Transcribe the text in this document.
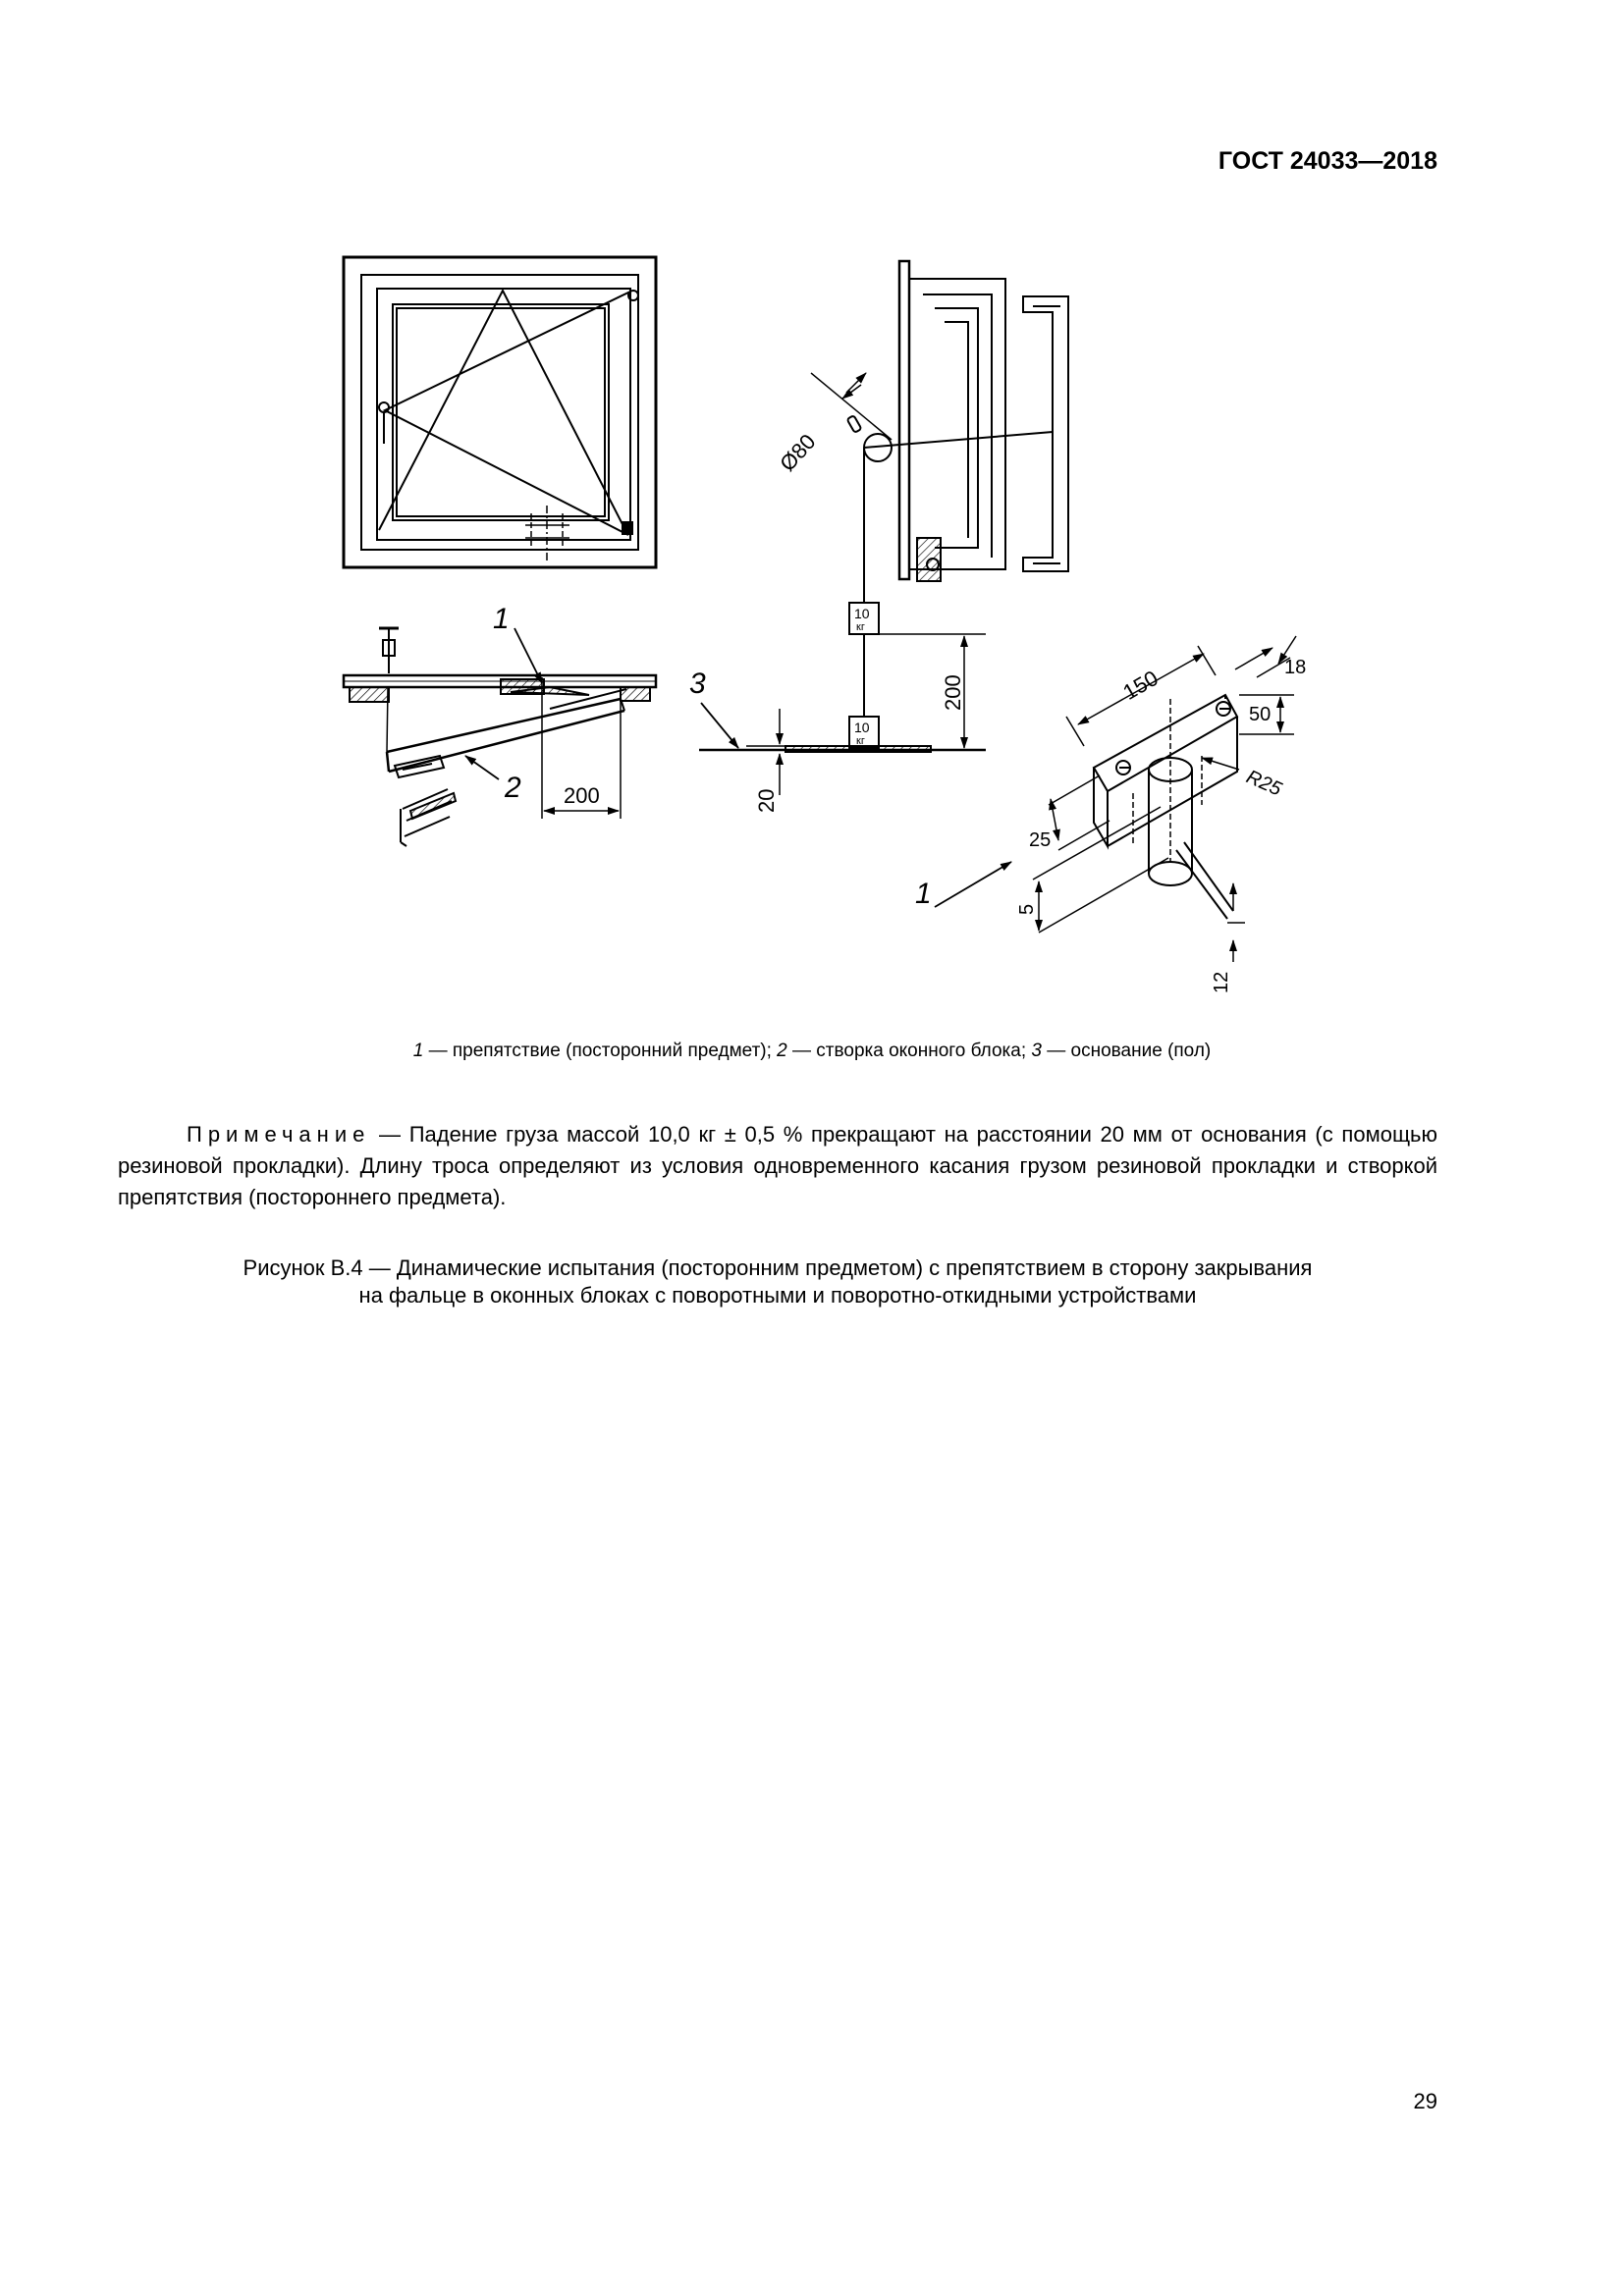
ГОСТ 24033—2018
1
2
3
1
Ø80
200
200
20
10
кг
10
кг
150	18
50
R25
25
5
12
1 — препятствие (посторонний предмет); 2 — створка оконного блока; 3 — основание (пол)
Примечание — Падение груза массой 10,0 кг ± 0,5 % прекращают на расстоянии 20 мм от основания (с помощью резиновой прокладки). Длину троса определяют из условия одновременного касания грузом резиновой прокладки и створкой препятствия (постороннего предмета).
Рисунок В.4 — Динамические испытания (посторонним предметом) с препятствием в сторону закрывания
на фальце в оконных блоках с поворотными и поворотно-откидными устройствами
29
